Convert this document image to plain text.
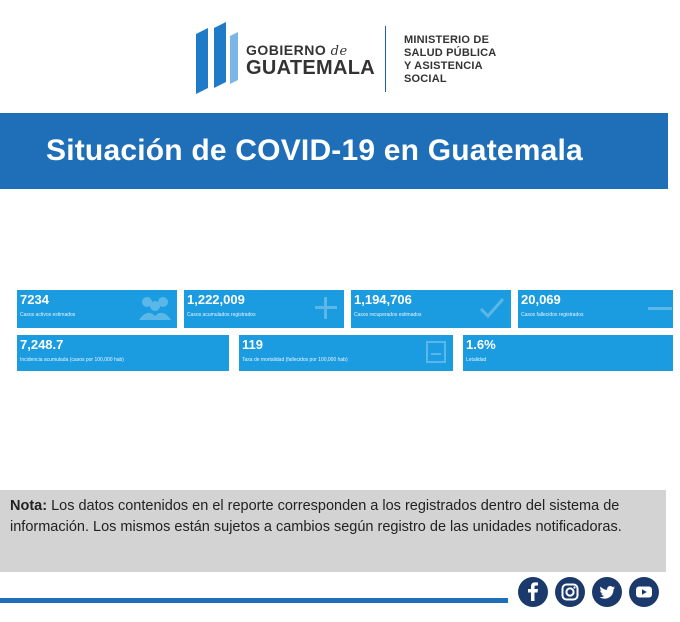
GOBIERNO de
GUATEMALA
MINISTERIO DE
SALUD PÚBLICA
Y ASISTENCIA
SOCIAL
Situación de COVID-19 en Guatemala
7234
Casos activos estimados
1,222,009
Casos acumulados registrados
1,194,706
Casos recuperados estimados
20,069
Casos fallecidos registrados
7,248.7
Incidencia acumulada (casos por 100,000 hab)
119
Tasa de mortalidad (fallecidos por 100,000 hab)
1.6%
Letalidad
Nota: Los datos contenidos en el reporte corresponden a los registrados dentro del sistema de información. Los mismos están sujetos a cambios según registro de las unidades notificadoras.
